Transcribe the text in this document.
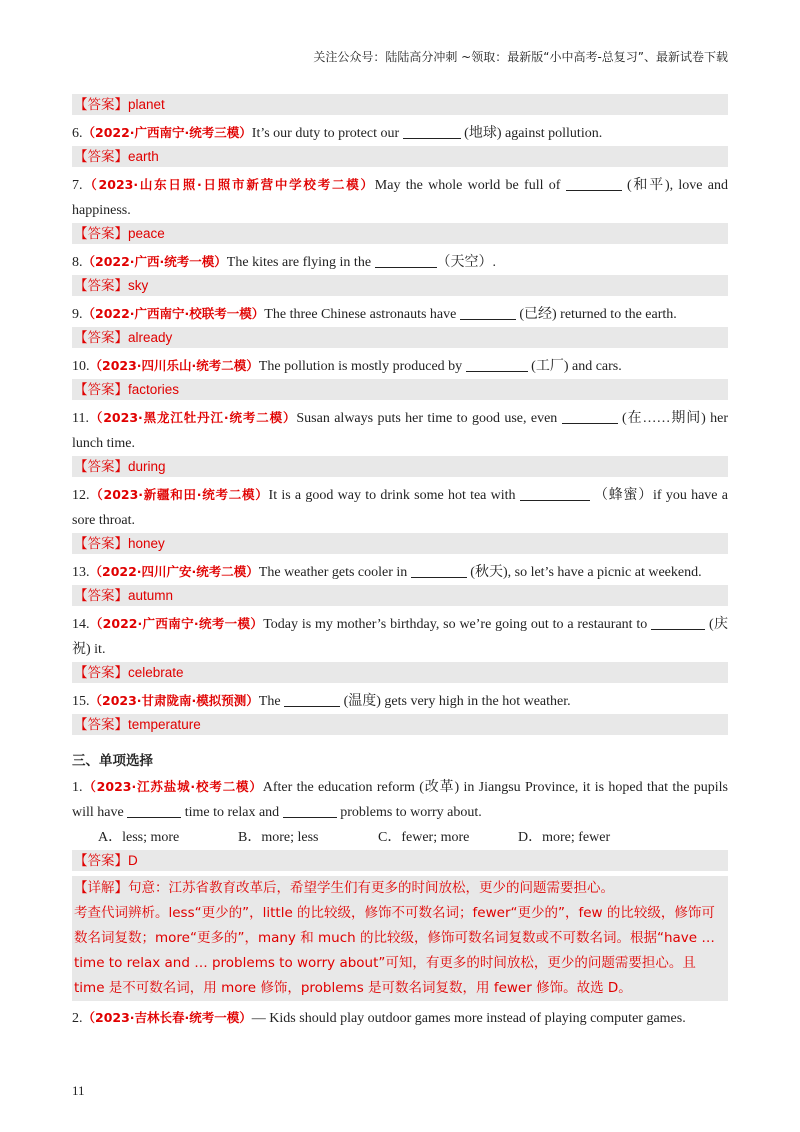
关注公众号：陆陆高分冲刺 ~领取：最新版“小中高考-总复习”、最新试卷下载
【答案】planet
6.（2022·广西南宁·统考三模）It’s our duty to protect our	(地球) against pollution.
【答案】earth
7.（2023·山东日照·日照市新营中学校考二模）May the whole world be full of	(和平), love and happiness.
【答案】peace
8.（2022·广西·统考一模）The kites are flying in the	（天空）.
【答案】sky
9.（2022·广西南宁·校联考一模）The three Chinese astronauts have	(已经) returned to the earth.
【答案】already
10.（2023·四川乐山·统考二模）The pollution is mostly produced by	(工厂) and cars.
【答案】factories
11.（2023·黑龙江牡丹江·统考二模）Susan always puts her time to good use, even	(在……期间) her lunch time.
【答案】during
12.（2023·新疆和田·统考二模）It is a good way to drink some hot tea with	（蜂蜜）if you have a sore throat.
【答案】honey
13.（2022·四川广安·统考二模）The weather gets cooler in	(秋天), so let’s have a picnic at weekend.
【答案】autumn
14.（2022·广西南宁·统考一模）Today is my mother’s birthday, so we’re going out to a restaurant to	(庆祝) it.
【答案】celebrate
15.（2023·甘肃陇南·模拟预测）The	(温度) gets very high in the hot weather.
【答案】temperature
三、单项选择
1.（2023·江苏盐城·校考二模）After the education reform (改革) in Jiangsu Province, it is hoped that the pupils will have	time to relax and	problems to worry about.
A．less; more	B．more; less	C．fewer; more	D．more; fewer
【答案】D
【详解】句意：江苏省教育改革后，希望学生们有更多的时间放松，更少的问题需要担心。
考查代词辨析。less“更少的”，little 的比较级，修饰不可数名词；fewer“更少的”，few 的比较级，修饰可数名词复数；more“更多的”，many 和 much 的比较级，修饰可数名词复数或不可数名词。根据“have … time to relax and … problems to worry about”可知，有更多的时间放松，更少的问题需要担心。且 time 是不可数名词，用 more 修饰，problems 是可数名词复数，用 fewer 修饰。故选 D。
2.（2023·吉林长春·统考一模）— Kids should play outdoor games more instead of playing computer games.
11
